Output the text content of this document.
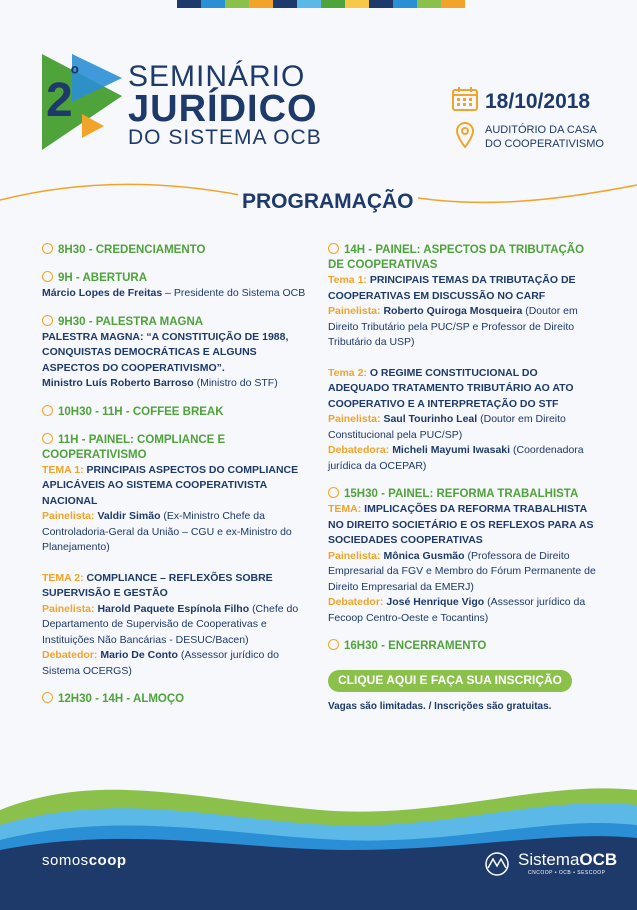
$2^º$ SEMINÁRIO
JURÍDICO
DO SISTEMA OCB
18/10/2018
AUDITÓRIO DA CASA DO COOPERATIVISMO
PROGRAMAÇÃO
8H30 - CREDENCIAMENTO
9H - ABERTURA
Márcio Lopes de Freitas – Presidente do Sistema OCB
9H30 - PALESTRA MAGNA
PALESTRA MAGNA: “A CONSTITUIÇÃO DE 1988, CONQUISTAS DEMOCRÁTICAS E ALGUNS ASPECTOS DO COOPERATIVISMO”.
Ministro Luís Roberto Barroso (Ministro do STF)
10H30 - 11H - COFFEE BREAK
11H - PAINEL: COMPLIANCE E COOPERATIVISMO
TEMA 1: PRINCIPAIS ASPECTOS DO COMPLIANCE APLICÁVEIS AO SISTEMA COOPERATIVISTA NACIONAL
Painelista: Valdir Simão (Ex-Ministro Chefe da Controladoria-Geral da União – CGU e ex-Ministro do Planejamento)
TEMA 2: COMPLIANCE – REFLEXÕES SOBRE SUPERVISÃO E GESTÃO
Painelista: Harold Paquete Espínola Filho (Chefe do Departamento de Supervisão de Cooperativas e Instituições Não Bancárias - DESUC/Bacen)
Debatedor: Mario De Conto (Assessor jurídico do Sistema OCERGS)
12H30 - 14H - ALMOÇO
14H - PAINEL: ASPECTOS DA TRIBUTAÇÃO DE COOPERATIVAS
Tema 1: PRINCIPAIS TEMAS DA TRIBUTAÇÃO DE COOPERATIVAS EM DISCUSSÃO NO CARF
Painelista: Roberto Quiroga Mosqueira (Doutor em Direito Tributário pela PUC/SP e Professor de Direito Tributário da USP)
Tema 2: O REGIME CONSTITUCIONAL DO ADEQUADO TRATAMENTO TRIBUTÁRIO AO ATO COOPERATIVO E A INTERPRETAÇÃO DO STF
Painelista: Saul Tourinho Leal (Doutor em Direito Constitucional pela PUC/SP)
Debatedora: Micheli Mayumi Iwasaki (Coordenadora jurídica da OCEPAR)
15H30 - PAINEL: REFORMA TRABALHISTA
TEMA: IMPLICAÇÕES DA REFORMA TRABALHISTA NO DIREITO SOCIETÁRIO E OS REFLEXOS PARA AS SOCIEDADES COOPERATIVAS
Painelista: Mônica Gusmão (Professora de Direito Empresarial da FGV e Membro do Fórum Permanente de Direito Empresarial da EMERJ)
Debatedor: José Henrique Vigo (Assessor jurídico da Fecoop Centro-Oeste e Tocantins)
16H30 - ENCERRAMENTO
CLIQUE AQUI E FAÇA SUA INSCRIÇÃO
Vagas são limitadas. / Inscrições são gratuitas.
somoscoop	SistemaOCB
CNCOOP • OCB • SESCOOP
